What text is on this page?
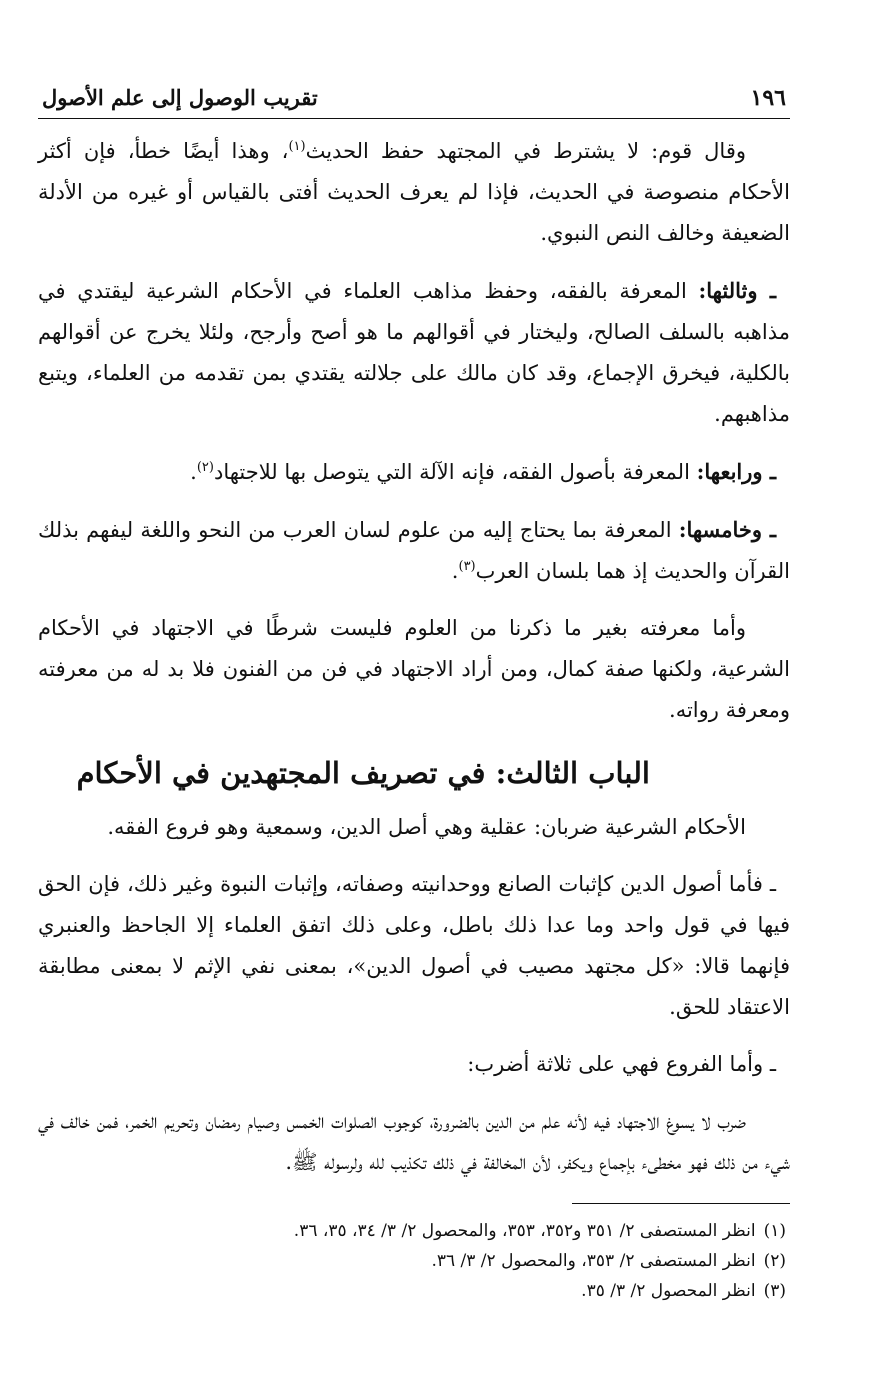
١٩٦
تقريب الوصول إلى علم الأصول

وقال قوم: لا يشترط في المجتهد حفظ الحديث$^{(١)}$، وهذا أيضًا خطأ، فإن أكثر الأحكام منصوصة في الحديث، فإذا لم يعرف الحديث أفتى بالقياس أو غيره من الأدلة الضعيفة وخالف النص النبوي.

ـ وثالثها: المعرفة بالفقه، وحفظ مذاهب العلماء في الأحكام الشرعية ليقتدي في مذاهبه بالسلف الصالح، وليختار في أقوالهم ما هو أصح وأرجح، ولئلا يخرج عن أقوالهم بالكلية، فيخرق الإجماع، وقد كان مالك على جلالته يقتدي بمن تقدمه من العلماء، ويتبع مذاهبهم.

ـ ورابعها: المعرفة بأصول الفقه، فإنه الآلة التي يتوصل بها للاجتهاد$^{(٢)}$.

ـ وخامسها: المعرفة بما يحتاج إليه من علوم لسان العرب من النحو واللغة ليفهم بذلك القرآن والحديث إذ هما بلسان العرب$^{(٣)}$.

وأما معرفته بغير ما ذكرنا من العلوم فليست شرطًا في الاجتهاد في الأحكام الشرعية، ولكنها صفة كمال، ومن أراد الاجتهاد في فن من الفنون فلا بد له من معرفته ومعرفة رواته.

الباب الثالث: في تصريف المجتهدين في الأحكام

الأحكام الشرعية ضربان: عقلية وهي أصل الدين، وسمعية وهو فروع الفقه.

ـ فأما أصول الدين كإثبات الصانع ووحدانيته وصفاته، وإثبات النبوة وغير ذلك، فإن الحق فيها في قول واحد وما عدا ذلك باطل، وعلى ذلك اتفق العلماء إلا الجاحظ والعنبري فإنهما قالا: «كل مجتهد مصيب في أصول الدين»، بمعنى نفي الإثم لا بمعنى مطابقة الاعتقاد للحق.

ـ وأما الفروع فهي على ثلاثة أضرب:

ضرب لا يسوغ الاجتهاد فيه لأنه علم من الدين بالضرورة، كوجوب الصلوات الخمس وصيام رمضان وتحريم الخمر، فمن خالف في شيء من ذلك فهو مخطىء بإجماع ويكفر، لأن المخالفة في ذلك تكذيب لله ولرسوله ﷺ.

(١)انظر المستصفى ٢/ ٣٥١ و٣٥٢، ٣٥٣، والمحصول ٢/ ٣/ ٣٤، ٣٥، ٣٦.
(٢)انظر المستصفى ٢/ ٣٥٣، والمحصول ٢/ ٣/ ٣٦.
(٣)انظر المحصول ٢/ ٣/ ٣٥.
